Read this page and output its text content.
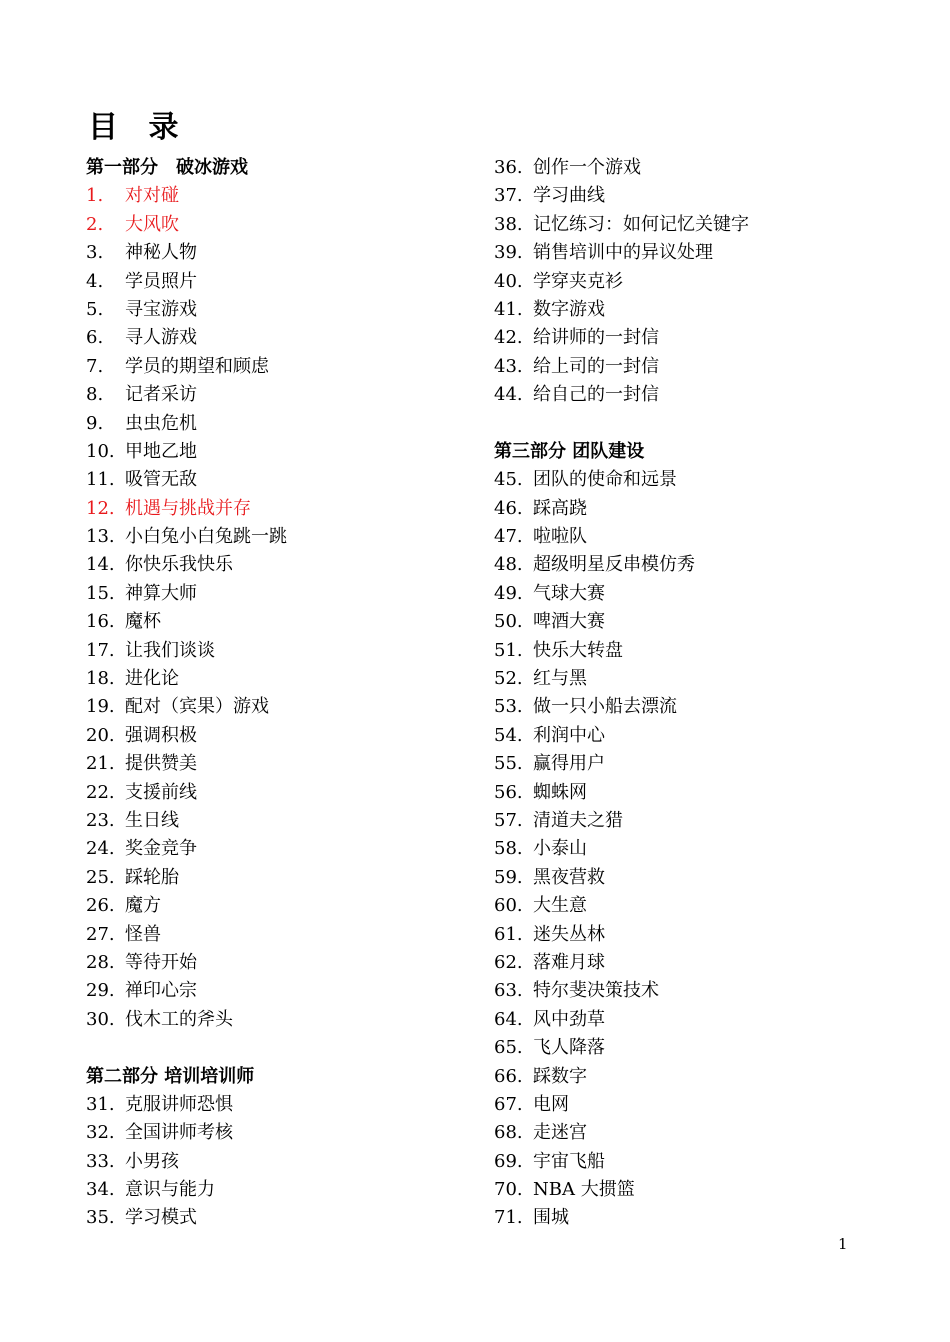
目 录
第一部分　破冰游戏
1.	对对碰
2.	大风吹
3.	神秘人物
4.	学员照片
5.	寻宝游戏
6.	寻人游戏
7.	学员的期望和顾虑
8.	记者采访
9.	虫虫危机
10. 甲地乙地
11. 吸管无敌
12. 机遇与挑战并存
13. 小白兔小白兔跳一跳
14. 你快乐我快乐
15. 神算大师
16. 魔杯
17. 让我们谈谈
18. 进化论
19. 配对（宾果）游戏
20. 强调积极
21. 提供赞美
22. 支援前线
23. 生日线
24. 奖金竞争
25. 踩轮胎
26. 魔方
27. 怪兽
28. 等待开始
29. 禅印心宗
30. 伐木工的斧头
第二部分 培训培训师
31. 克服讲师恐惧
32. 全国讲师考核
33. 小男孩
34. 意识与能力
35. 学习模式
36. 创作一个游戏
37. 学习曲线
38. 记忆练习：如何记忆关键字
39. 销售培训中的异议处理
40. 学穿夹克衫
41. 数字游戏
42. 给讲师的一封信
43. 给上司的一封信
44. 给自己的一封信
第三部分 团队建设
45. 团队的使命和远景
46. 踩高跷
47. 啦啦队
48. 超级明星反串模仿秀
49. 气球大赛
50. 啤酒大赛
51. 快乐大转盘
52. 红与黑
53. 做一只小船去漂流
54. 利润中心
55. 赢得用户
56. 蜘蛛网
57. 清道夫之猎
58. 小泰山
59. 黑夜营救
60. 大生意
61. 迷失丛林
62. 落难月球
63. 特尔斐决策技术
64. 风中劲草
65. 飞人降落
66. 踩数字
67. 电网
68. 走迷宫
69. 宇宙飞船
70. NBA 大掼篮
71. 围城
1
